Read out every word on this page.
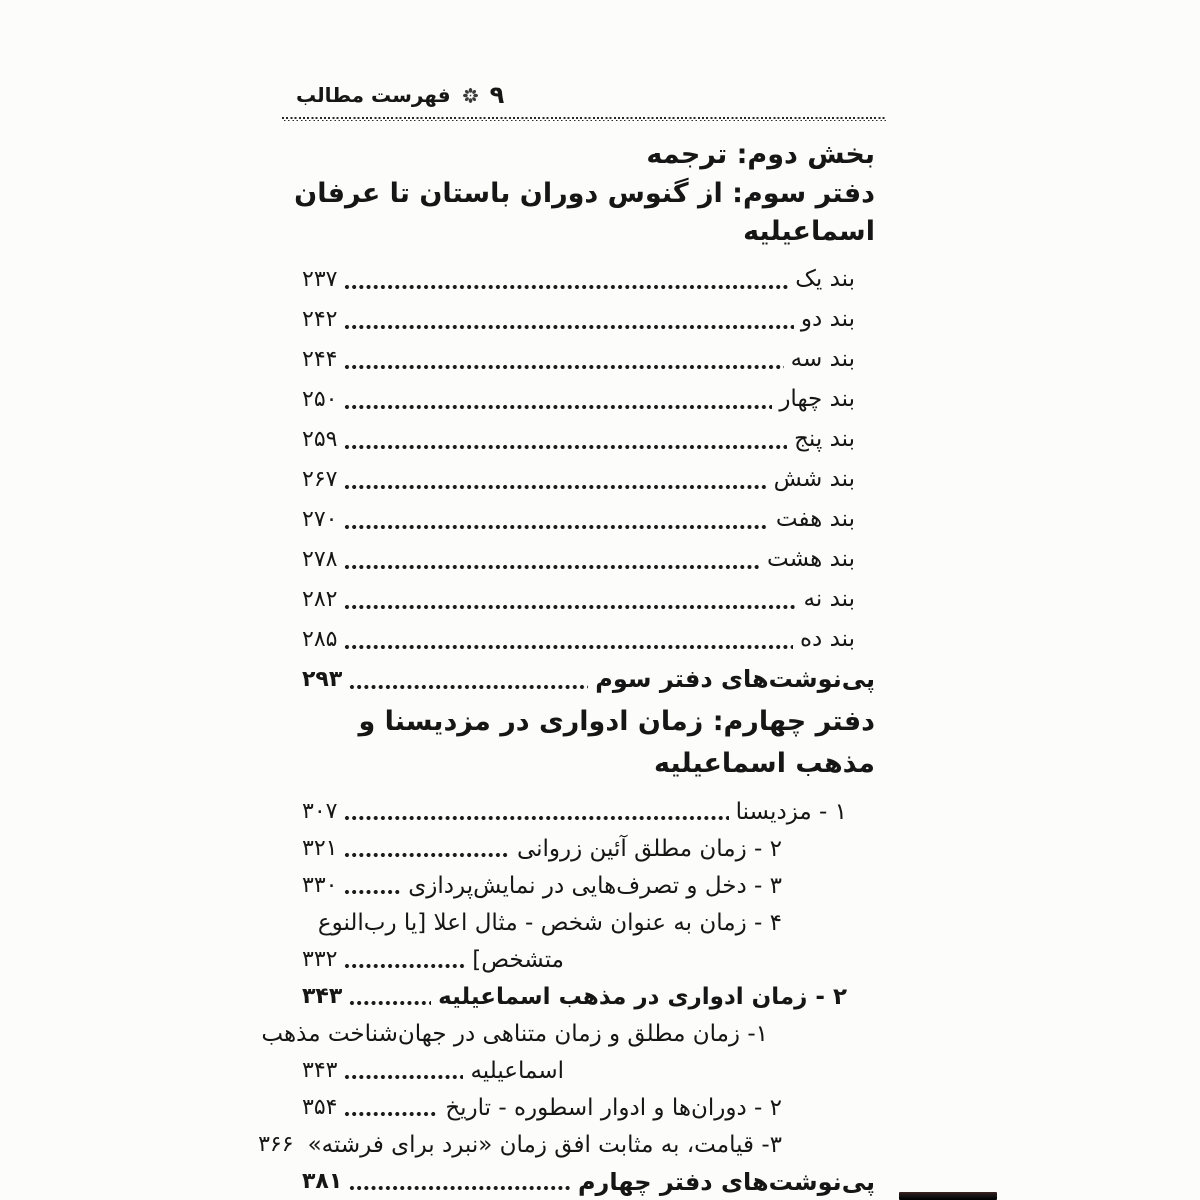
فهرست مطالب ۹
بخش دوم: ترجمه
دفتر سوم: از گنوس دوران باستان تا عرفان اسماعیلیه
بند یک
۲۳۷
بند دو
۲۴۲
بند سه
۲۴۴
بند چهار
۲۵۰
بند پنج
۲۵۹
بند شش
۲۶۷
بند هفت
۲۷۰
بند هشت
۲۷۸
بند نه
۲۸۲
بند ده
۲۸۵
پی‌نوشت‌های دفتر سوم
۲۹۳
دفتر چهارم: زمان ادواری در مزدیسنا و مذهب اسماعیلیه
۱ - مزدیسنا
۳۰۷
۲ - زمان مطلق آئین زروانی
۳۲۱
۳ - دخل و تصرف‌هایی در نمایش‌پردازی
۳۳۰
۴ - زمان به عنوان شخص - مثال اعلا [یا رب‌النوع
متشخص]
۳۳۲
۲ - زمان ادواری در مذهب اسماعیلیه
۳۴۳
۱- زمان مطلق و زمان متناهی در جهان‌شناخت مذهب
اسماعیلیه
۳۴۳
۲ - دوران‌ها و ادوار اسطوره - تاریخ
۳۵۴
۳- قیامت، به مثابت افق زمان «نبرد برای فرشته»
۳۶۶
پی‌نوشت‌های دفتر چهارم
۳۸۱
